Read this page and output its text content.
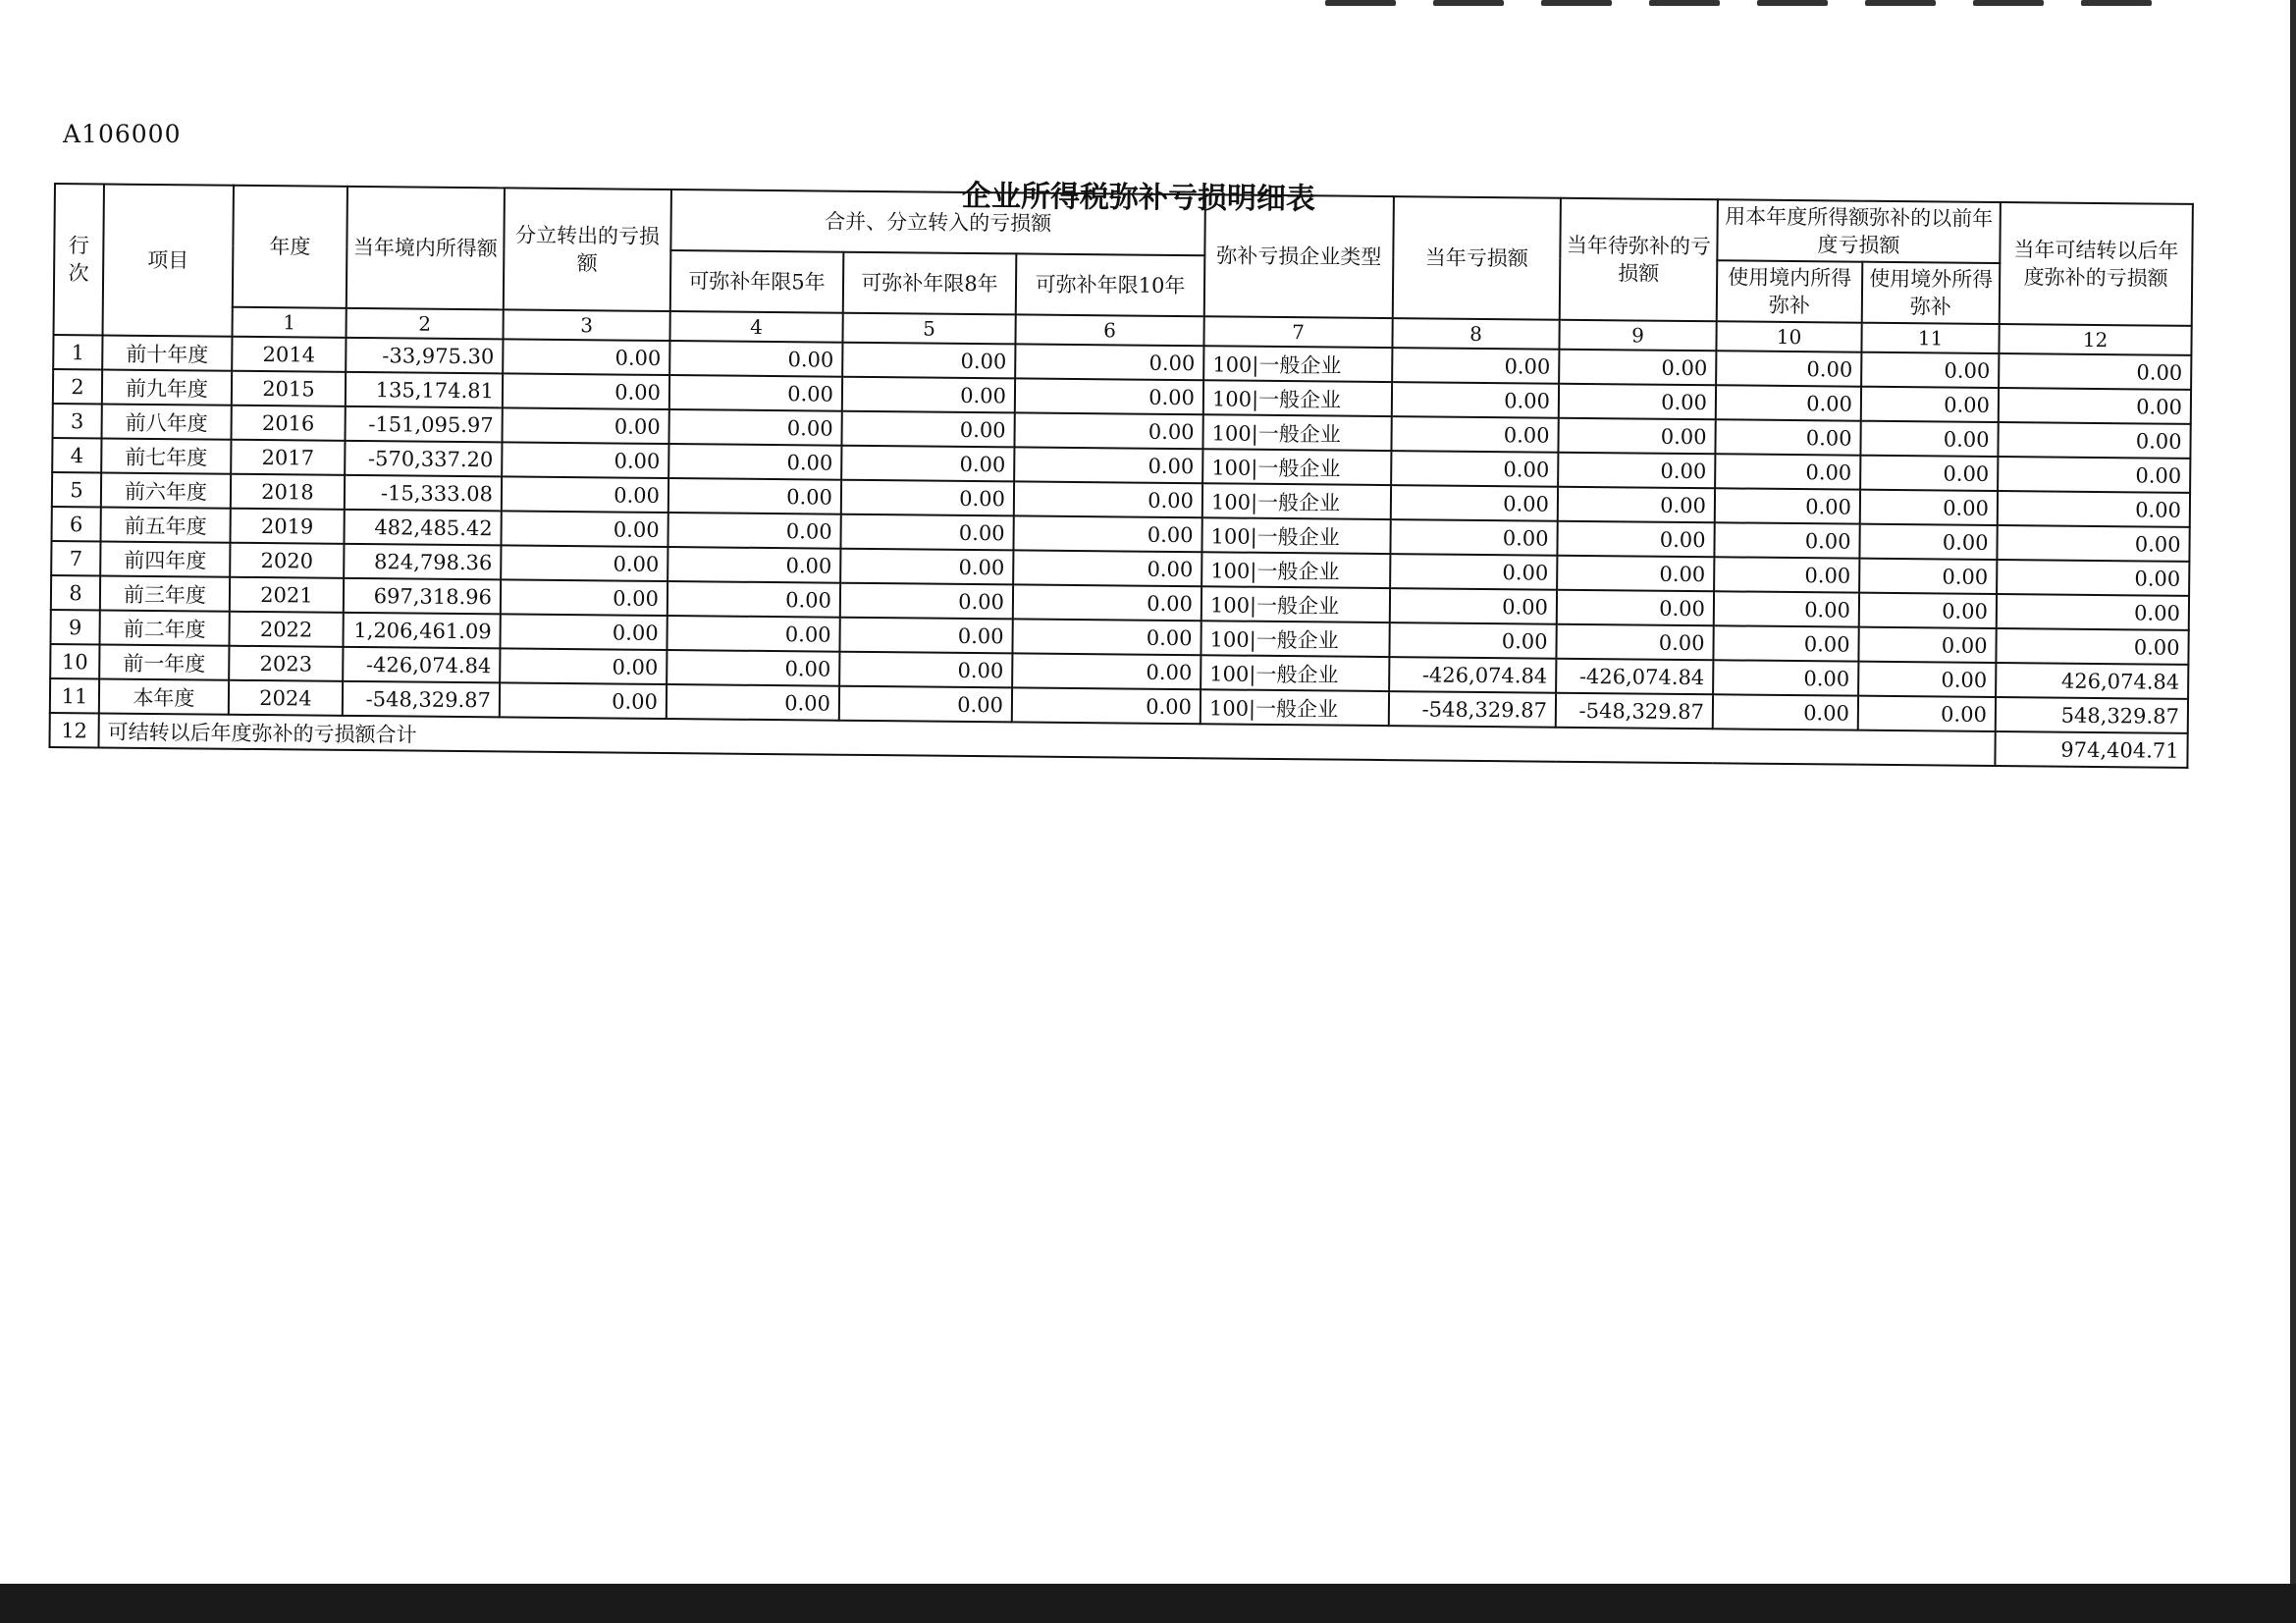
A106000
企业所得税弥补亏损明细表
行次	项目	年度	当年境内所得额	分立转出的亏损额	合并、分立转入的亏损额			弥补亏损企业类型	当年亏损额	当年待弥补的亏损额	用本年度所得额弥补的以前年度亏损额		当年可结转以后年度弥补的亏损额
					可弥补年限5年	可弥补年限8年	可弥补年限10年				使用境内所得弥补	使用境外所得弥补	
		1	2	3	4	5	6	7	8	9	10	11	12
1	前十年度	2014	-33,975.30	0.00	0.00	0.00	0.00	100|一般企业	0.00	0.00	0.00	0.00	0.00
2	前九年度	2015	135,174.81	0.00	0.00	0.00	0.00	100|一般企业	0.00	0.00	0.00	0.00	0.00
3	前八年度	2016	-151,095.97	0.00	0.00	0.00	0.00	100|一般企业	0.00	0.00	0.00	0.00	0.00
4	前七年度	2017	-570,337.20	0.00	0.00	0.00	0.00	100|一般企业	0.00	0.00	0.00	0.00	0.00
5	前六年度	2018	-15,333.08	0.00	0.00	0.00	0.00	100|一般企业	0.00	0.00	0.00	0.00	0.00
6	前五年度	2019	482,485.42	0.00	0.00	0.00	0.00	100|一般企业	0.00	0.00	0.00	0.00	0.00
7	前四年度	2020	824,798.36	0.00	0.00	0.00	0.00	100|一般企业	0.00	0.00	0.00	0.00	0.00
8	前三年度	2021	697,318.96	0.00	0.00	0.00	0.00	100|一般企业	0.00	0.00	0.00	0.00	0.00
9	前二年度	2022	1,206,461.09	0.00	0.00	0.00	0.00	100|一般企业	0.00	0.00	0.00	0.00	0.00
10	前一年度	2023	-426,074.84	0.00	0.00	0.00	0.00	100|一般企业	-426,074.84	-426,074.84	0.00	0.00	426,074.84
11	本年度	2024	-548,329.87	0.00	0.00	0.00	0.00	100|一般企业	-548,329.87	-548,329.87	0.00	0.00	548,329.87
12	可结转以后年度弥补的亏损额合计												974,404.71
